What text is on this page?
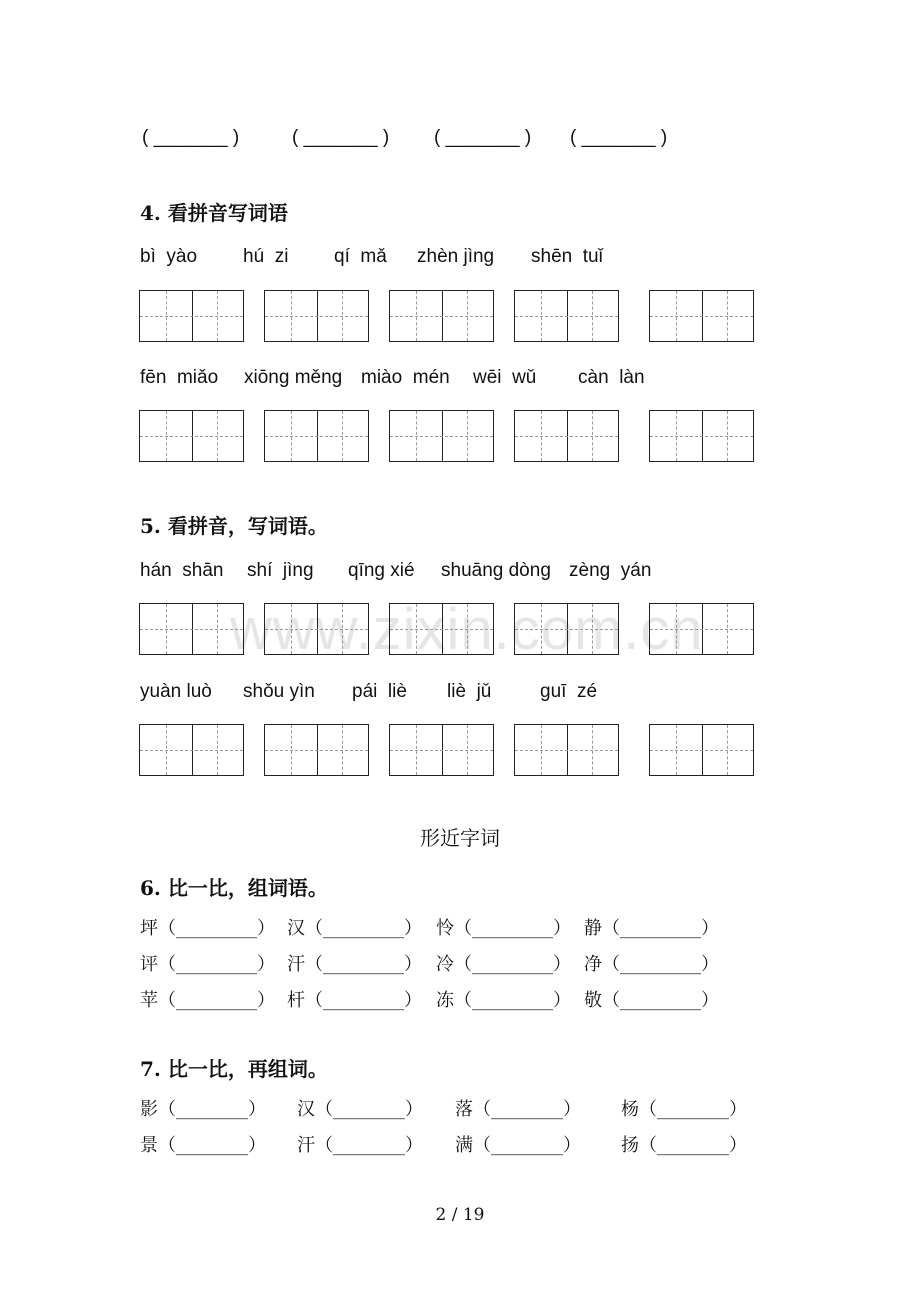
www.zixin.com.cn
( _______ )	( _______ ) ( _______ ) ( _______ )
4. 看拼音写词语
bì  yào hú  zi qí  mǎ zhèn jìng shēn  tuǐ
fēn  miǎo xiōng měng miào  mén wēi  wǔ càn  làn
5. 看拼音，写词语。
hán  shān shí  jìng qīng xié shuāng dòng zèng  yán
yuàn luò shǒu yìn pái  liè liè  jǔ	guī  zé
形近字词
6. 比一比，组词语。
坪（_________） 汉（_________） 怜（_________） 静（_________）
评（_________） 汗（_________） 冷（_________） 净（_________）
苹（_________） 杆（_________） 冻（_________） 敬（_________）
7. 比一比，再组词。
影（________） 汉（________） 落（________） 杨（________）
景（________） 汗（________） 满（________） 扬（________）
2 / 19
